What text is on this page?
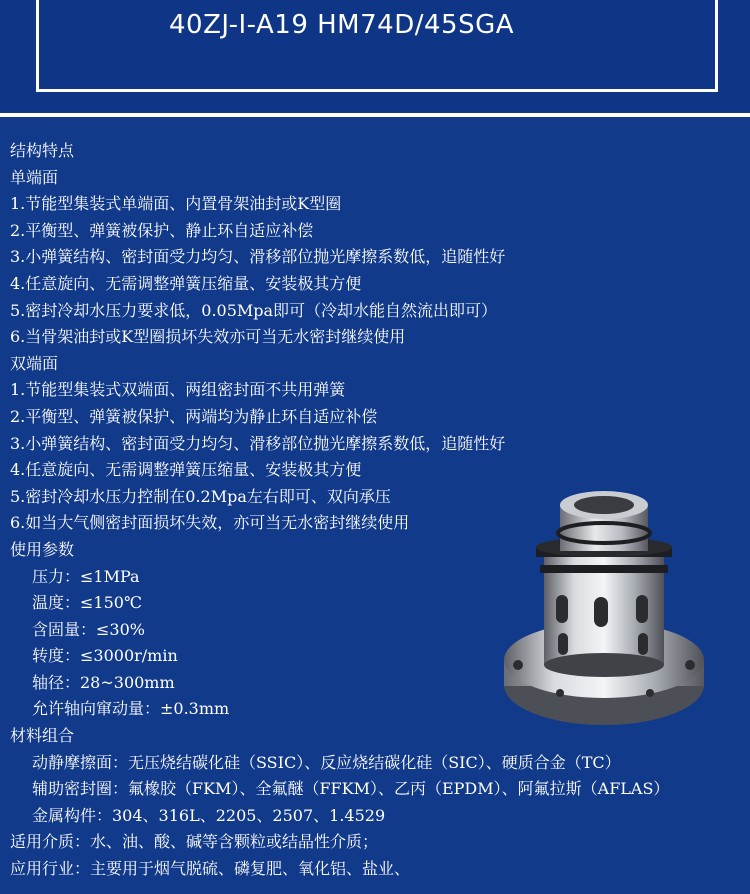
40ZJ-I-A19 HM74D/45SGA
结构特点
单端面
1.节能型集装式单端面、内置骨架油封或K型圈
2.平衡型、弹簧被保护、静止环自适应补偿
3.小弹簧结构、密封面受力均匀、滑移部位抛光摩擦系数低，追随性好
4.任意旋向、无需调整弹簧压缩量、安装极其方便
5.密封冷却水压力要求低，0.05Mpa即可（冷却水能自然流出即可）
6.当骨架油封或K型圈损坏失效亦可当无水密封继续使用
双端面
1.节能型集装式双端面、两组密封面不共用弹簧
2.平衡型、弹簧被保护、两端均为静止环自适应补偿
3.小弹簧结构、密封面受力均匀、滑移部位抛光摩擦系数低，追随性好
4.任意旋向、无需调整弹簧压缩量、安装极其方便
5.密封冷却水压力控制在0.2Mpa左右即可、双向承压
6.如当大气侧密封面损坏失效，亦可当无水密封继续使用
使用参数
压力：≤1MPa
温度：≤150℃
含固量：≤30%
转度：≤3000r/min
轴径：28~300mm
允许轴向窜动量：±0.3mm
材料组合
动静摩擦面：无压烧结碳化硅（SSIC）、反应烧结碳化硅（SIC）、硬质合金（TC）
辅助密封圈：氟橡胶（FKM）、全氟醚（FFKM）、乙丙（EPDM）、阿氟拉斯（AFLAS）
金属构件：304、316L、2205、2507、1.4529
适用介质：水、油、酸、碱等含颗粒或结晶性介质；
应用行业：主要用于烟气脱硫、磷复肥、氧化铝、盐业、
